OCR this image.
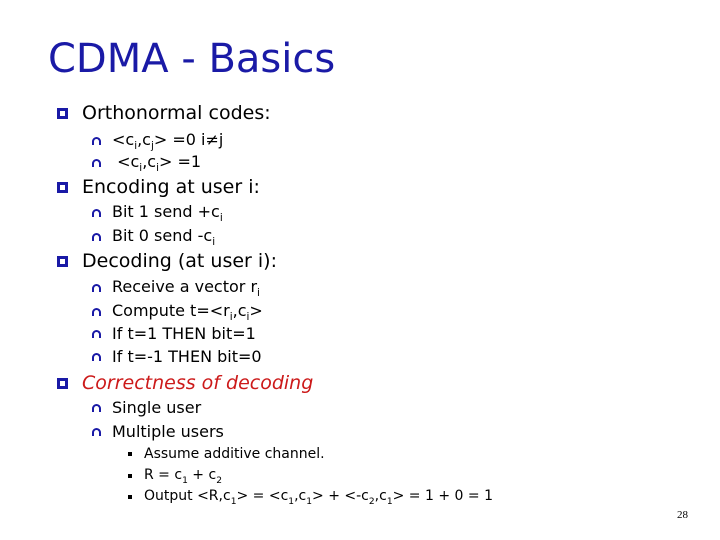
CDMA - Basics
Orthonormal codes:
$<c_i,c_j> =0$ i≠j
$<c_i,c_i> =1$
Encoding at user i:
Bit 1 send $+c_i$
Bit 0 send $-c_i$
Decoding (at user i):
Receive a vector $r_i$
Compute $t=<r_i,c_i>$
If t=1 THEN bit=1
If t=-1 THEN bit=0
Correctness of decoding
Single user
Multiple users
Assume additive channel.
$R = c_1 + c_2$
Output $<R,c_1> = <c_1,c_1> + <-c_2,c_1> = 1 + 0 = 1$
28
